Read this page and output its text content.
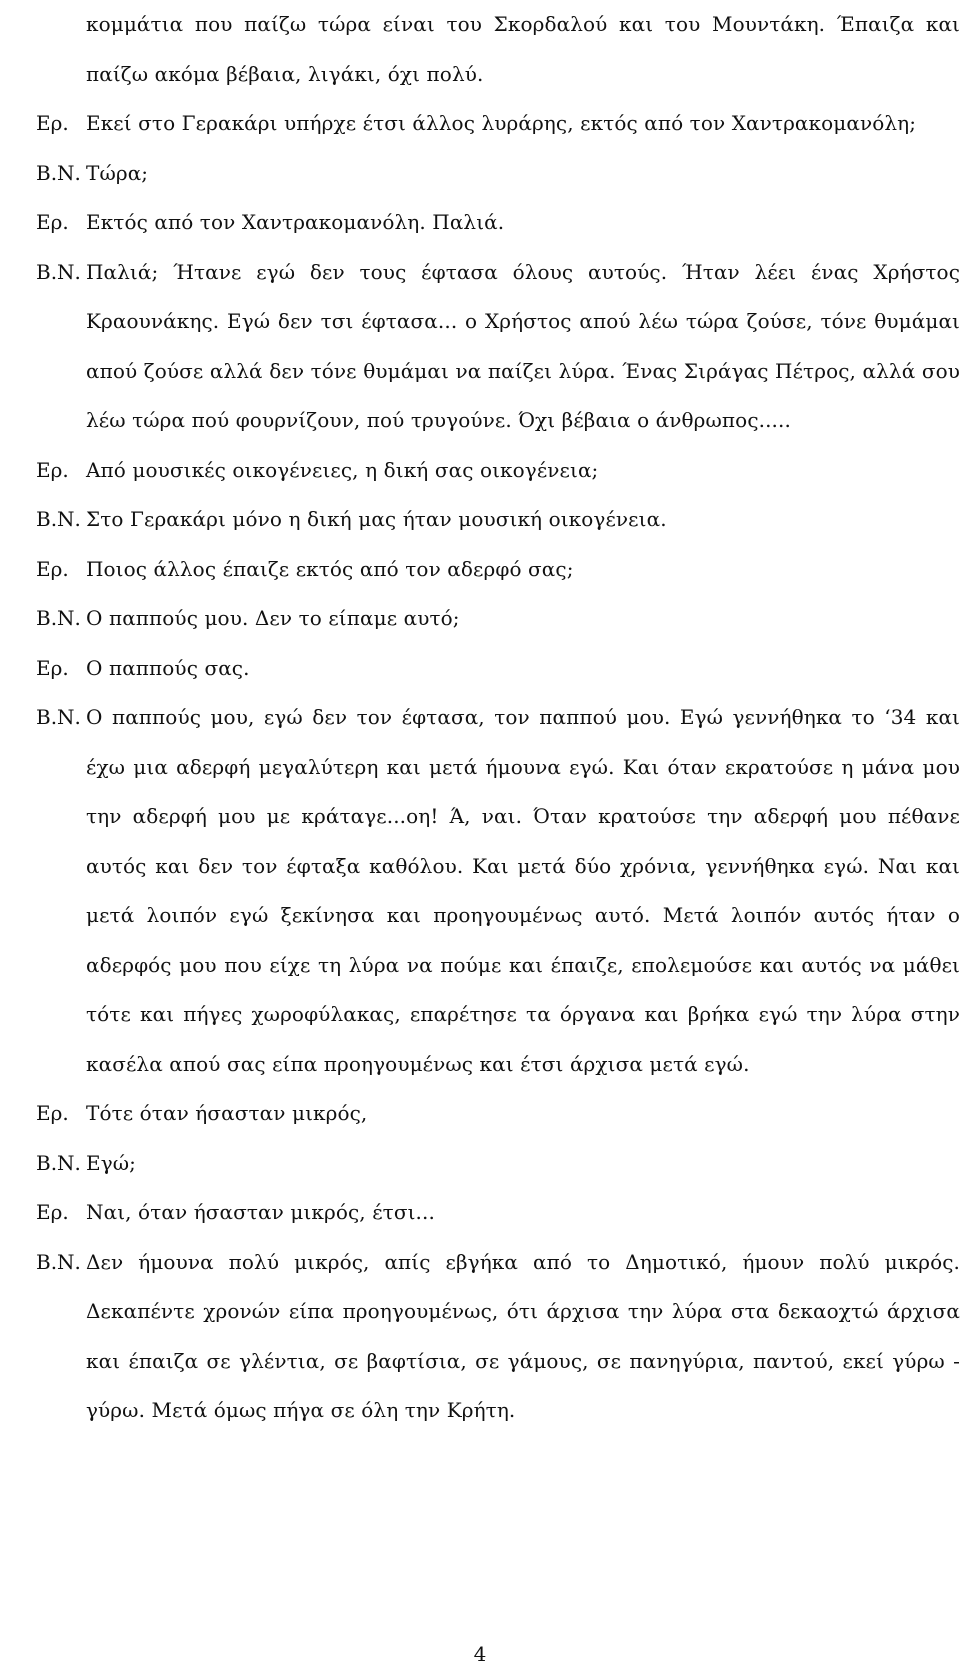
κομμάτια που παίζω τώρα είναι του Σκορδαλού και του Μουντάκη. Έπαιζα και παίζω ακόμα βέβαια, λιγάκι, όχι πολύ.
Ερ. Εκεί στο Γερακάρι υπήρχε έτσι άλλος λυράρης, εκτός από τον Χαντρακομανόλη;
Β.Ν. Τώρα;
Ερ. Εκτός από τον Χαντρακομανόλη. Παλιά.
Β.Ν. Παλιά; Ήτανε εγώ δεν τους έφτασα όλους αυτούς. Ήταν λέει ένας Χρήστος Κραουνάκης. Εγώ δεν τσι έφτασα... ο Χρήστος απού λέω τώρα ζούσε, τόνε θυμάμαι απού ζούσε αλλά δεν τόνε θυμάμαι να παίζει λύρα. Ένας Σιράγας Πέτρος, αλλά σου λέω τώρα πού φουρνίζουν, πού τρυγούνε. Όχι βέβαια ο άνθρωπος.....
Ερ. Από μουσικές οικογένειες, η δική σας οικογένεια;
Β.Ν. Στο Γερακάρι μόνο η δική μας ήταν μουσική οικογένεια.
Ερ. Ποιος άλλος έπαιζε εκτός από τον αδερφό σας;
Β.Ν. Ο παππούς μου. Δεν το είπαμε αυτό;
Ερ. Ο παππούς σας.
Β.Ν. Ο παππούς μου, εγώ δεν τον έφτασα, τον παππού μου. Εγώ γεννήθηκα το ‘34 και έχω μια αδερφή μεγαλύτερη και μετά ήμουνα εγώ. Και όταν εκρατούσε η μάνα μου την αδερφή μου με κράταγε...οη! Ά, ναι. Όταν κρατούσε την αδερφή μου πέθανε αυτός και δεν τον έφταξα καθόλου. Και μετά δύο χρόνια, γεννήθηκα εγώ. Ναι και μετά λοιπόν εγώ ξεκίνησα και προηγουμένως αυτό. Μετά λοιπόν αυτός ήταν ο αδερφός μου που είχε τη λύρα να πούμε και έπαιζε, επολεμούσε και αυτός να μάθει τότε και πήγες χωροφύλακας, επαρέτησε τα όργανα και βρήκα εγώ την λύρα στην κασέλα απού σας είπα προηγουμένως και έτσι άρχισα μετά εγώ.
Ερ. Τότε όταν ήσασταν μικρός,
Β.Ν. Εγώ;
Ερ. Ναι, όταν ήσασταν μικρός, έτσι...
Β.Ν. Δεν ήμουνα πολύ μικρός, απίς εβγήκα από το Δημοτικό, ήμουν πολύ μικρός. Δεκαπέντε χρονών είπα προηγουμένως, ότι άρχισα την λύρα στα δεκαοχτώ άρχισα και έπαιζα σε γλέντια, σε βαφτίσια, σε γάμους, σε πανηγύρια, παντού, εκεί γύρω - γύρω. Μετά όμως πήγα σε όλη την Κρήτη.
4
